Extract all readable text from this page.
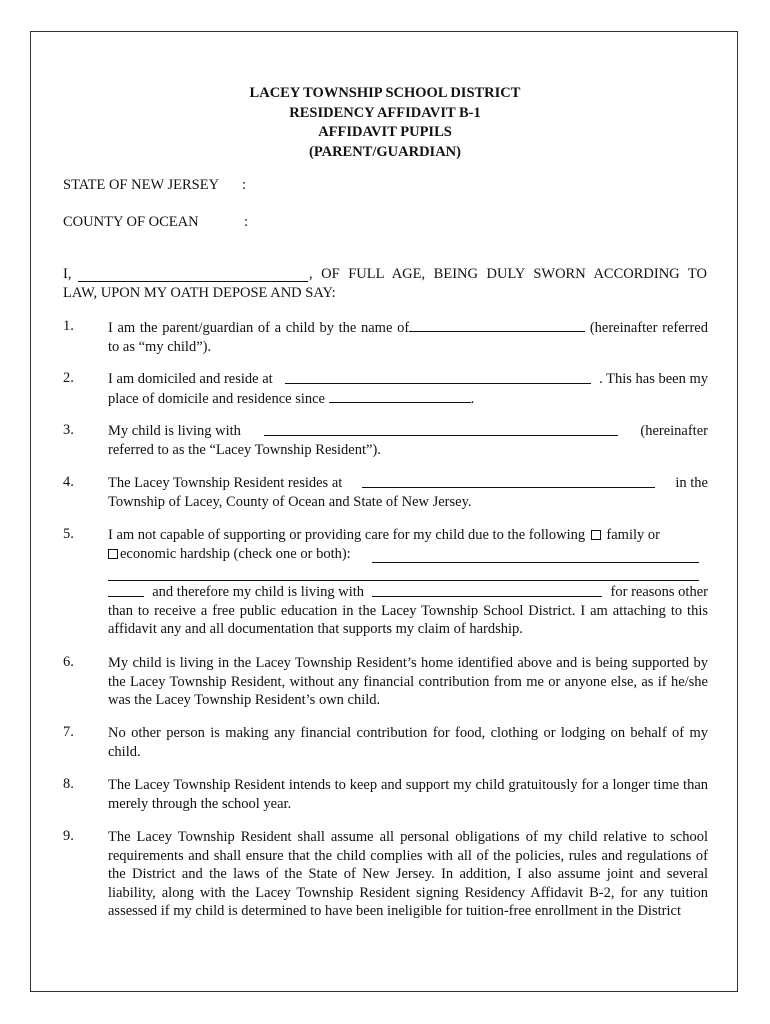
LACEY TOWNSHIP SCHOOL DISTRICT
RESIDENCY AFFIDAVIT B-1
AFFIDAVIT PUPILS
(PARENT/GUARDIAN)
STATE OF NEW JERSEY :
COUNTY OF OCEAN	:
I,	, OF FULL AGE, BEING DULY SWORN ACCORDING TO
LAW, UPON MY OATH DEPOSE AND SAY:
1. I am the parent/guardian of a child by the name of	(hereinafter referred
to as “my child”).
2. I am domiciled and reside at	. This has been my
place of domicile and residence since	.
3. My child is living with	(hereinafter
referred to as the “Lacey Township Resident”).
4. The Lacey Township Resident resides at	in the
Township of Lacey, County of Ocean and State of New Jersey.
5. I am not capable of supporting or providing care for my child due to the following family or
economic hardship (check one or both):
and therefore my child is living with	for reasons other
than to receive a free public education in the Lacey Township School District. I am attaching to this
affidavit any and all documentation that supports my claim of hardship.
6. My child is living in the Lacey Township Resident’s home identified above and is being supported by the Lacey Township Resident, without any financial contribution from me or anyone else, as if he/she was the Lacey Township Resident’s own child.
7. No other person is making any financial contribution for food, clothing or lodging on behalf of my child.
8. The Lacey Township Resident intends to keep and support my child gratuitously for a longer time than merely through the school year.
9. The Lacey Township Resident shall assume all personal obligations of my child relative to school requirements and shall ensure that the child complies with all of the policies, rules and regulations of the District and the laws of the State of New Jersey. In addition, I also assume joint and several liability, along with the Lacey Township Resident signing Residency Affidavit B-2, for any tuition assessed if my child is determined to have been ineligible for tuition-free enrollment in the District
